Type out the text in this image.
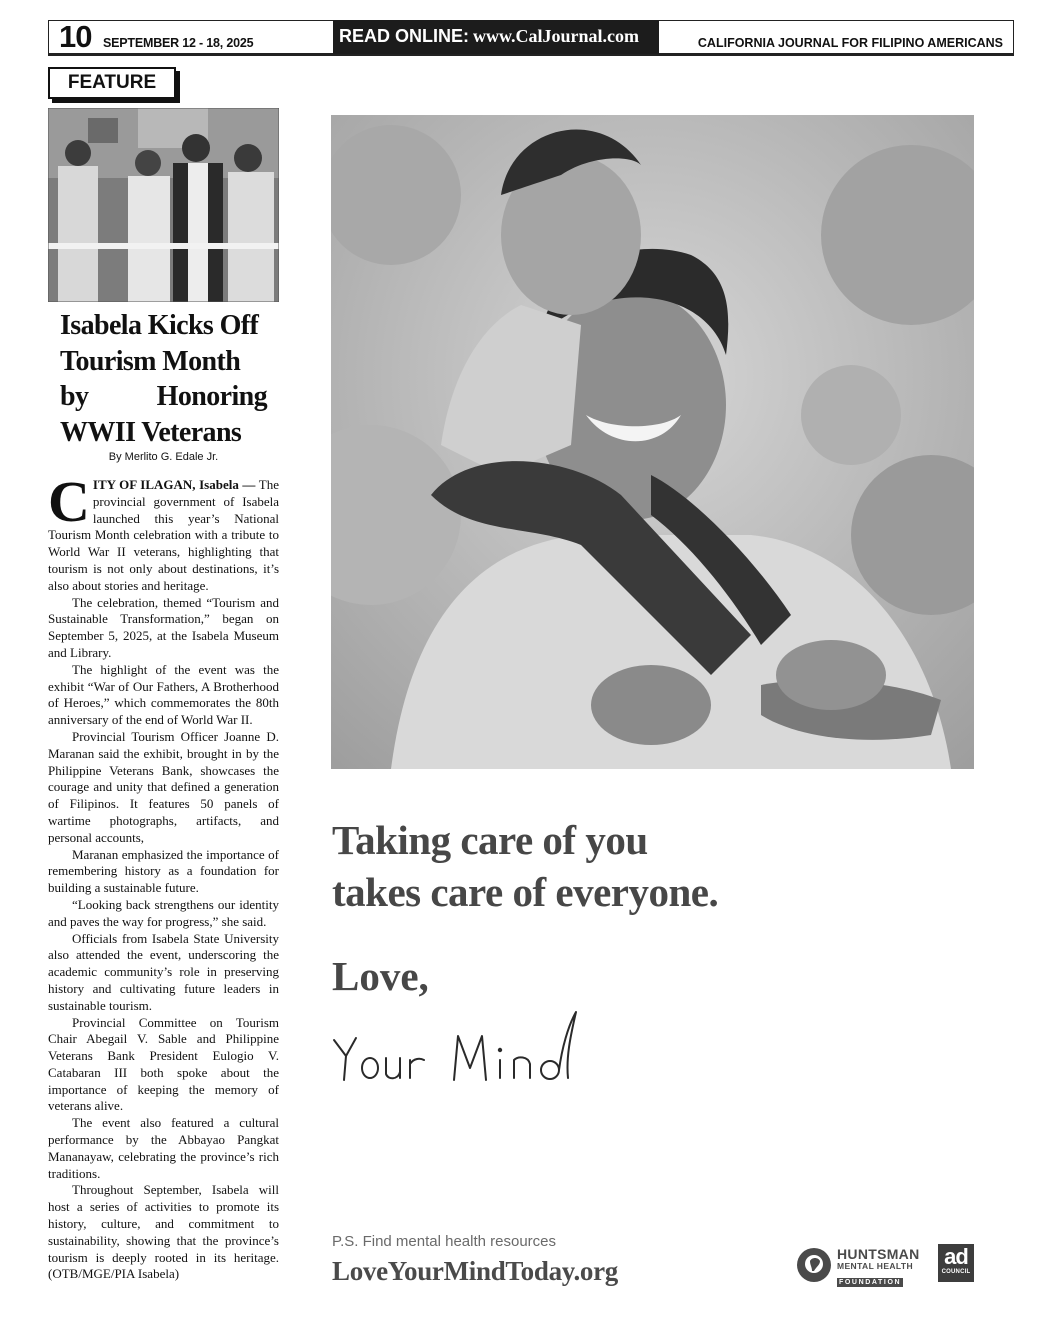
10 SEPTEMBER 12 - 18, 2025	READ ONLINE: www.CalJournal.com	CALIFORNIA JOURNAL FOR FILIPINO AMERICANS
FEATURE
Isabela Kicks Off
Tourism Month
by Honoring
WWII Veterans
By Merlito G. Edale Jr.

CITY OF ILAGAN, Isabela — The provincial government of Isabela launched this year’s National Tourism Month celebration with a tribute to World War II veterans, highlighting that tourism is not only about destinations, it’s also about stories and heritage.

The celebration, themed “Tourism and Sustainable Transformation,” began on September 5, 2025, at the Isabela Museum and Library.

The highlight of the event was the exhibit “War of Our Fathers, A Brotherhood of Heroes,” which commemorates the 80th anniversary of the end of World War II.

Provincial Tourism Officer Joanne D. Maranan said the exhibit, brought in by the Philippine Veterans Bank, showcases the courage and unity that defined a generation of Filipinos. It features 50 panels of wartime photographs, artifacts, and personal accounts,

Maranan emphasized the importance of remembering history as a foundation for building a sustainable future.

“Looking back strengthens our identity and paves the way for progress,” she said.

Officials from Isabela State University also attended the event, underscoring the academic community’s role in preserving history and cultivating future leaders in sustainable tourism.

Provincial Committee on Tourism Chair Abegail V. Sable and Philippine Veterans Bank President Eulogio V. Catabaran III both spoke about the importance of keeping the memory of veterans alive.

The event also featured a cultural performance by the Abbayao Pangkat Mananayaw, celebrating the province’s rich traditions.

Throughout September, Isabela will host a series of activities to promote its history, culture, and commitment to sustainability, showing that the province’s tourism is deeply rooted in its heritage. (OTB/MGE/PIA Isabela)

Taking care of you
takes care of everyone.
Love,
P.S. Find mental health resources
LoveYourMindToday.org
HUNTSMAN
MENTAL HEALTH
FOUNDATION
ad
COUNCIL
